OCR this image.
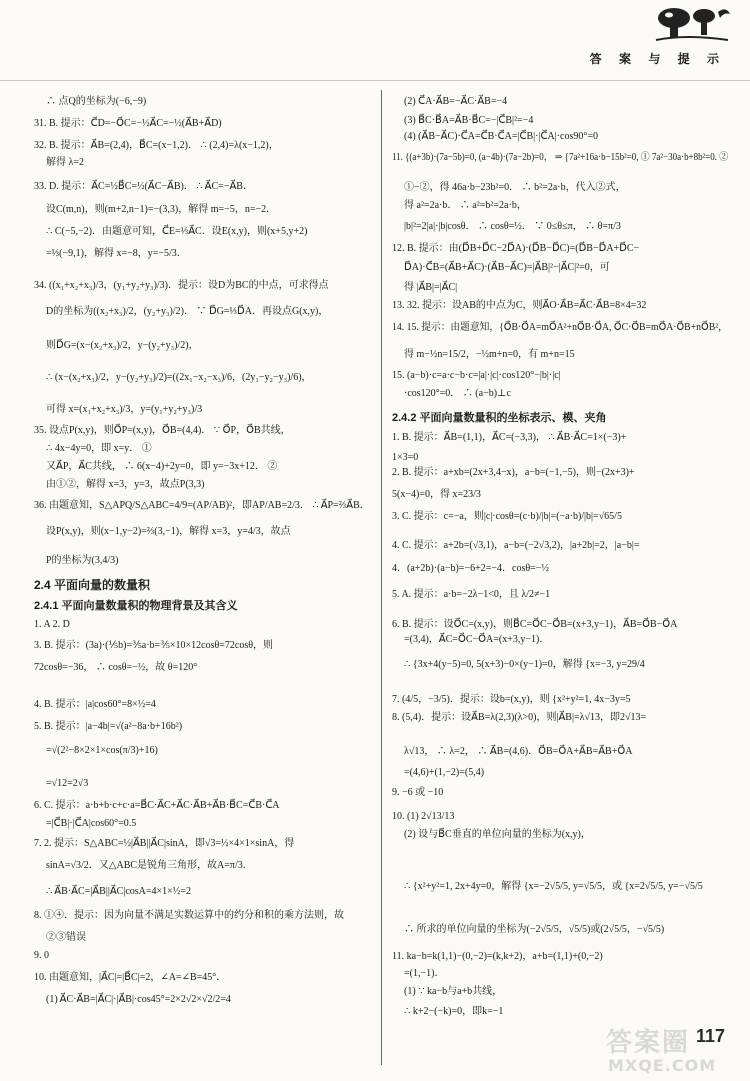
答 案 与 提 示
∴ 点Q的坐标为(−6,−9)
31. B. 提示：C⃗D=−O⃗C=−½A⃗C=−½(A⃗B+A⃗D)
32. B. 提示：A⃗B=(2,4)，B⃗C=(x−1,2)． ∴ (2,4)=λ(x−1,2)，
解得 λ=2
33. D. 提示：A⃗C=½B⃗C=½(A⃗C−A⃗B)． ∴ A⃗C=−A⃗B．
设C(m,n)，则(m+2,n−1)=−(3,3)，解得 m=−5，n=−2．
∴ C(−5,−2)．由题意可知，C⃗E=⅓A⃗C．设E(x,y)，则(x+5,y+2)
=⅓(−9,1)，解得 x=−8，y=−5/3．
34. ((x₁+x₂+x₃)/3，(y₁+y₂+y₃)/3)．提示：设D为BC的中点，可求得点
D的坐标为((x₂+x₃)/2，(y₂+y₃)/2)． ∵ D⃗G=⅓D⃗A．再设点G(x,y)，
则D⃗G=(x−(x₂+x₃)/2，y−(y₂+y₃)/2)，
∴ (x−(x₂+x₃)/2，y−(y₂+y₃)/2)=((2x₁−x₂−x₃)/6，(2y₁−y₂−y₃)/6)，
可得 x=(x₁+x₂+x₃)/3，y=(y₁+y₂+y₃)/3
35. 设点P(x,y)，则O⃗P=(x,y)，O⃗B=(4,4)． ∵ O⃗P，O⃗B共线，
∴ 4x−4y=0，即 x=y． ①
又A⃗P，A⃗C共线， ∴ 6(x−4)+2y=0，即 y=−3x+12． ②
由①②，解得 x=3，y=3，故点P(3,3)
36. 由题意知，S△APQ/S△ABC=4/9=(AP/AB)²，即AP/AB=2/3． ∴ A⃗P=⅔A⃗B．
设P(x,y)，则(x−1,y−2)=⅔(3,−1)，解得 x=3，y=4/3，故点
P的坐标为(3,4/3)
2.4 平面向量的数量积
2.4.1 平面向量数量积的物理背景及其含义
1. A 2. D
3. B. 提示：(3a)·(⅕b)=⅗a·b=⅗×10×12cosθ=72cosθ，则
72cosθ=−36， ∴ cosθ=−½，故 θ=120°
4. B. 提示：|a|cos60°=8×½=4
5. B. 提示：|a−4b|=√(a²−8a·b+16b²)
=√(2²−8×2×1×cos(π/3)+16)
=√12=2√3
6. C. 提示：a·b+b·c+c·a=B⃗C·A⃗C+A⃗C·A⃗B+A⃗B·B⃗C=C⃗B·C⃗A
=|C⃗B|·|C⃗A|cos60°=0.5
7. 2. 提示：S△ABC=½|A⃗B||A⃗C|sinA，即√3=½×4×1×sinA，得
sinA=√3/2．又△ABC是锐角三角形，故A=π/3．
∴ A⃗B·A⃗C=|A⃗B||A⃗C|cosA=4×1×½=2
8. ①④．提示：因为向量不满足实数运算中的约分和积的乘方法则，故
②③错误
9. 0
10. 由题意知，|A⃗C|=|B⃗C|=2，∠A=∠B=45°．
(1) A⃗C·A⃗B=|A⃗C|·|A⃗B|·cos45°=2×2√2×√2/2=4
(2) C⃗A·A⃗B=−A⃗C·A⃗B=−4
(3) B⃗C·B⃗A=A⃗B·B⃗C=−|C⃗B|²=−4
(4) (A⃗B−A⃗C)·C⃗A=C⃗B·C⃗A=|C⃗B|·|C⃗A|·cos90°=0
11. {(a+3b)·(7a−5b)=0, (a−4b)·(7a−2b)=0， ⇒ {7a²+16a·b−15b²=0, ① 7a²−30a·b+8b²=0. ②
①−②，得 46a·b−23b²=0． ∴ b²=2a·b，代入②式，
得 a²=2a·b． ∴ a²=b²=2a·b，
|b|²=2|a|·|b|cosθ． ∴ cosθ=½． ∵ 0≤θ≤π， ∴ θ=π/3
12. B. 提示：由(D⃗B+D⃗C−2D⃗A)·(D⃗B−D⃗C)=(D⃗B−D⃗A+D⃗C−
D⃗A)·C⃗B=(A⃗B+A⃗C)·(A⃗B−A⃗C)=|A⃗B|²−|A⃗C|²=0，可
得 |A⃗B|=|A⃗C|
13. 32. 提示：设AB的中点为C，则A⃗O·A⃗B=A⃗C·A⃗B=8×4=32
14. 15. 提示：由题意知，{O⃗B·O⃗A=mO⃗A²+nO⃗B·O⃗A, O⃗C·O⃗B=mO⃗A·O⃗B+nO⃗B²，
得 m−½n=15/2，−½m+n=0，有 m+n=15
15. (a−b)·c=a·c−b·c=|a|·|c|·cos120°−|b|·|c|
·cos120°=0． ∴ (a−b)⊥c
2.4.2 平面向量数量积的坐标表示、模、夹角
1. B. 提示：A⃗B=(1,1)，A⃗C=(−3,3)， ∴ A⃗B·A⃗C=1×(−3)+
1×3=0
2. B. 提示：a+xb=(2x+3,4−x)，a−b=(−1,−5)，则−(2x+3)+
5(x−4)=0，得 x=23/3
3. C. 提示：c=−a，则|c|·cosθ=(c·b)/|b|=(−a·b)/|b|=√65/5
4. C. 提示：a+2b=(√3,1)，a−b=(−2√3,2)，|a+2b|=2，|a−b|=
4．(a+2b)·(a−b)=−6+2=−4．cosθ=−½
5. A. 提示：a·b=−2λ−1<0，且 λ/2≠−1
6. B. 提示：设O⃗C=(x,y)，则B⃗C=O⃗C−O⃗B=(x+3,y−1)，A⃗B=O⃗B−O⃗A
=(3,4)，A⃗C=O⃗C−O⃗A=(x+3,y−1)．
∴ {3x+4(y−5)=0, 5(x+3)−0×(y−1)=0，解得 {x=−3, y=29/4
7. (4/5，−3/5)．提示：设b=(x,y)，则 {x²+y²=1, 4x−3y=5
8. (5,4)．提示：设A⃗B=λ(2,3)(λ>0)，则|A⃗B|=λ√13，即2√13=
λ√13， ∴ λ=2， ∴ A⃗B=(4,6)．O⃗B=O⃗A+A⃗B=A⃗B+O⃗A
=(4,6)+(1,−2)=(5,4)
9. −6 或 −10
10. (1) 2√13/13
(2) 设与B⃗C垂直的单位向量的坐标为(x,y)，
∴ {x²+y²=1, 2x+4y=0，解得 {x=−2√5/5, y=√5/5，或 {x=2√5/5, y=−√5/5
∴ 所求的单位向量的坐标为(−2√5/5，√5/5)或(2√5/5，−√5/5)
11. ka−b=k(1,1)−(0,−2)=(k,k+2)，a+b=(1,1)+(0,−2)
=(1,−1)．
(1) ∵ ka−b与a+b共线，
∴ k+2−(−k)=0，即k=−1
答案圈
MXQE.COM
117
